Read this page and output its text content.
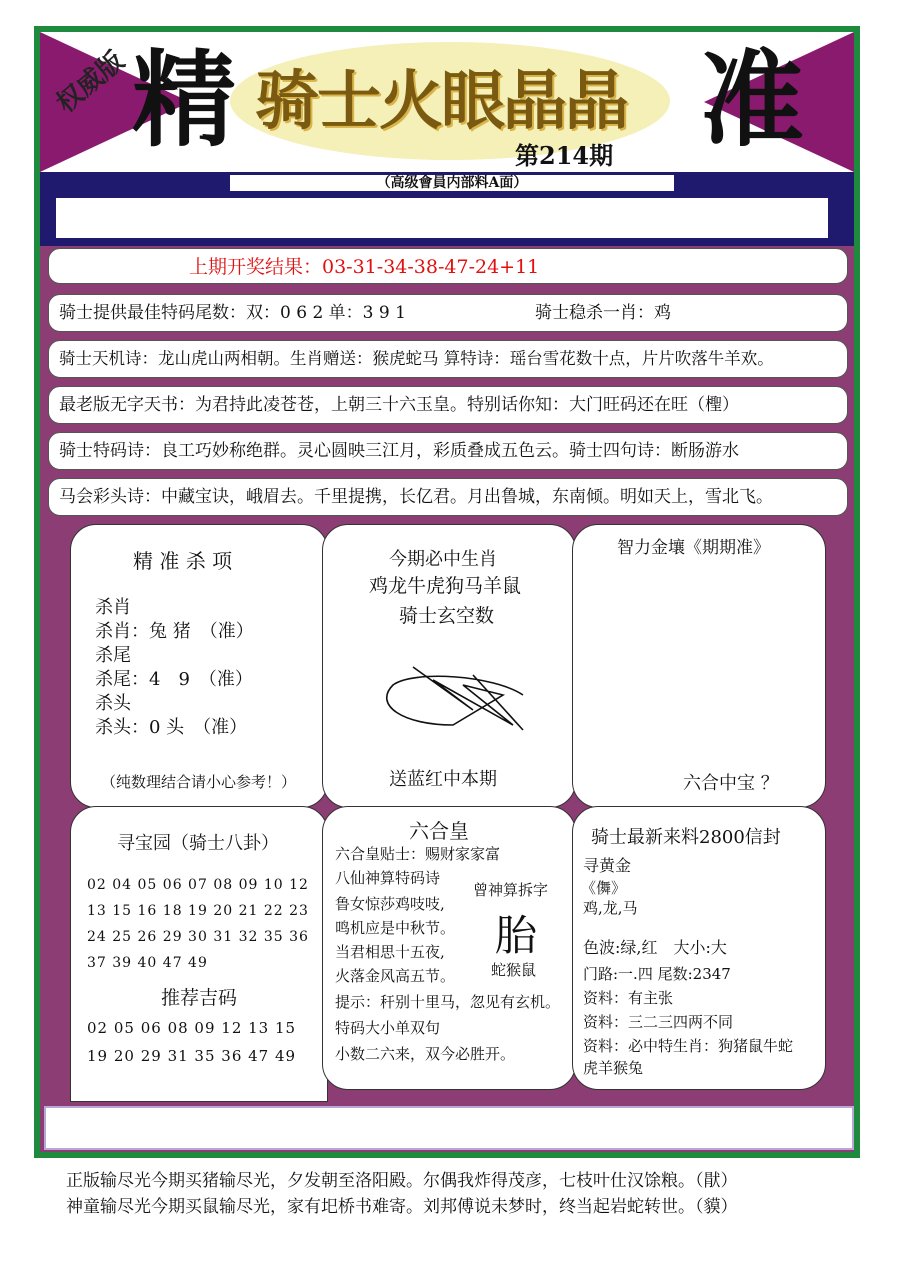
权威版 精 骑士火眼晶晶 准
第214期
（高级會員内部料A面）
上期开奖结果：03-31-34-38-47-24+11
骑士提供最佳特码尾数：双：0 6 2 单：3 9 1	骑士稳杀一肖：鸡
骑士天机诗：龙山虎山两相朝。生肖赠送：猴虎蛇马 算特诗：瑶台雪花数十点，片片吹落牛羊欢。
最老版无字天书：为君持此凌苍苍，上朝三十六玉皇。特别话你知：大门旺码还在旺（檉）
骑士特码诗：良工巧妙称绝群。灵心圆映三江月，彩质叠成五色云。骑士四句诗：断肠游水
马会彩头诗：中藏宝诀，峨眉去。千里提携，长亿君。月出鲁城，东南倾。明如天上，雪北飞。
精 准 杀 项
杀肖
杀肖：兔 猪　（准）
杀尾
杀尾：4　9　（准）
杀头
杀头：0 头　（准）
（纯数理结合请小心参考！）
今期必中生肖
鸡龙牛虎狗马羊鼠
骑士玄空数
送蓝红中本期
智力金壤《期期准》
六合中宝 ？
寻宝园（骑士八卦）
02 04 05 06 07 08 09 10 12
13 15 16 18 19 20 21 22 23
24 25 26 29 30 31 32 35 36
37 39 40 47 49
推荐吉码
02 05 06 08 09 12 13 15
19 20 29 31 35 36 47 49
六合皇
六合皇贴士：赐财家家富
八仙神算特码诗
鲁女惊莎鸡吱吱,
鸣机应是中秋节。
当君相思十五夜,
火落金风高五节。
提示：秆别十里马，忽见有玄机。
特码大小单双句
小数二六来，双今必胜开。
曾神算拆字
胎
蛇猴鼠
骑士最新来料2800信封
寻黄金
《儛》
鸡,龙,马
色波:绿,红　大小:大
门路:一.四 尾数:2347
资料：有主张
资料：三二三四两不同
资料：必中特生肖：狗猪鼠牛蛇
虎羊猴兔
正版输尽光今期买猪输尽光，夕发朝至洛阳殿。尔偶我炸得茂彦，七枝叶仕汉馀粮。（猒）
神童输尽光今期买鼠输尽光，家有圯桥书难寄。刘邦傅说未梦时，终当起岩蛇转世。（貘）
